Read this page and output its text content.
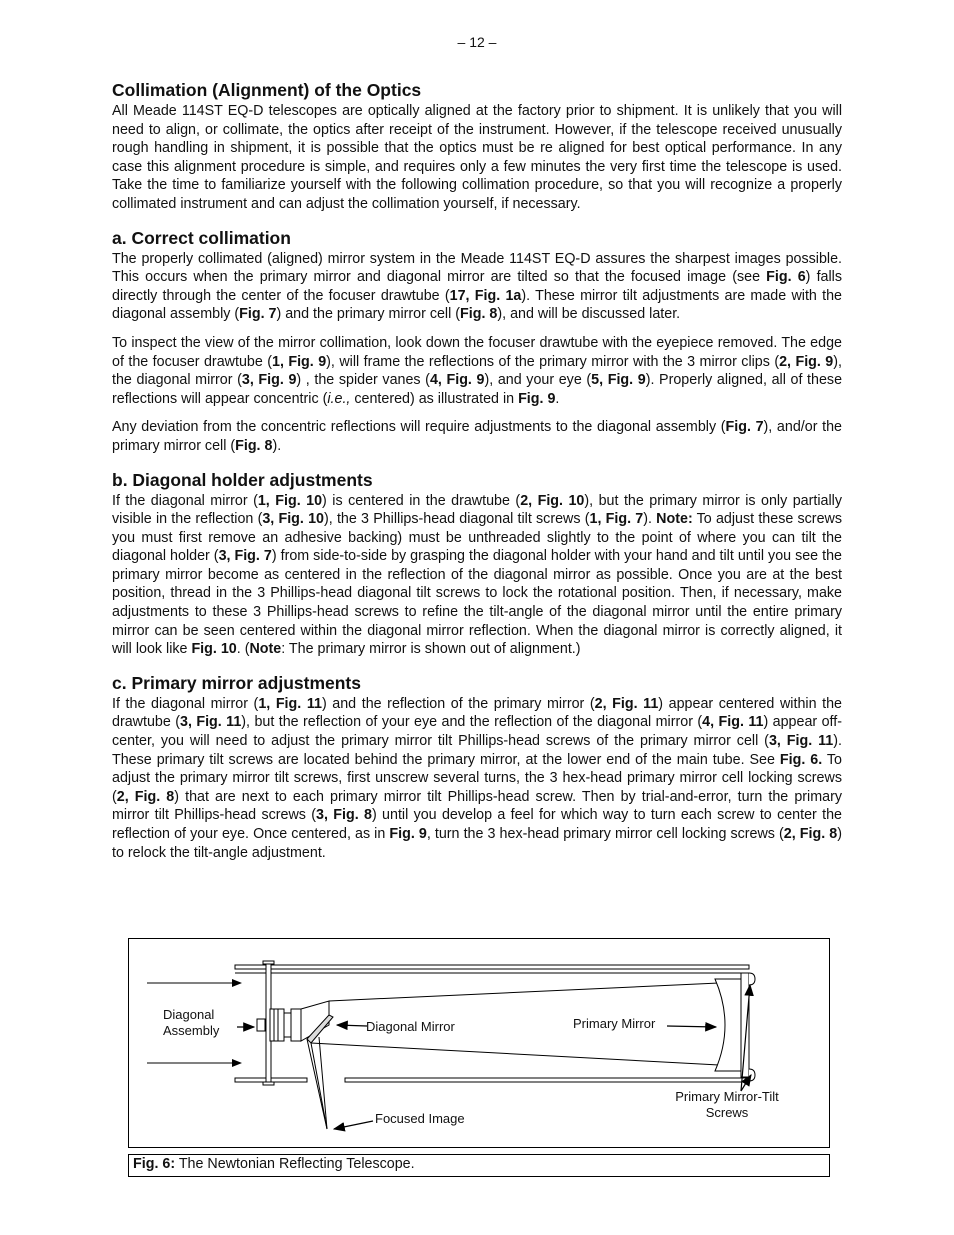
– 12 –
Collimation (Alignment) of the Optics

All Meade 114ST EQ-D telescopes are optically aligned at the factory prior to shipment. It is unlikely that you will need to align, or collimate, the optics after receipt of the instrument. However, if the telescope received unusually rough handling in shipment, it is possible that the optics must be re aligned for best optical performance. In any case this alignment procedure is simple, and requires only a few minutes the very first time the telescope is used. Take the time to familiarize yourself with the following collimation procedure, so that you will recognize a properly collimated instrument and can adjust the collimation yourself, if necessary.

a. Correct collimation

The properly collimated (aligned) mirror system in the Meade 114ST EQ-D assures the sharpest images possible. This occurs when the primary mirror and diagonal mirror are tilted so that the focused image (see Fig. 6) falls directly through the center of the focuser drawtube (17, Fig. 1a). These mirror tilt adjustments are made with the diagonal assembly (Fig. 7) and the primary mirror cell (Fig. 8), and will be discussed later.

To inspect the view of the mirror collimation, look down the focuser drawtube with the eyepiece removed. The edge of the focuser drawtube (1, Fig. 9), will frame the reflections of the primary mirror with the 3 mirror clips (2, Fig. 9), the diagonal mirror (3, Fig. 9) , the spider vanes (4, Fig. 9), and your eye (5, Fig. 9). Properly aligned, all of these reflections will appear concentric (i.e., centered) as illustrated in Fig. 9.

Any deviation from the concentric reflections will require adjustments to the diagonal assembly (Fig. 7), and/or the primary mirror cell (Fig. 8).

b. Diagonal holder adjustments

If the diagonal mirror (1, Fig. 10) is centered in the drawtube (2, Fig. 10), but the primary mirror is only partially visible in the reflection (3, Fig. 10), the 3 Phillips-head diagonal tilt screws (1, Fig. 7). Note: To adjust these screws you must first remove an adhesive backing) must be unthreaded slightly to the point of where you can tilt the diagonal holder (3, Fig. 7) from side-to-side by grasping the diagonal holder with your hand and tilt until you see the primary mirror become as centered in the reflection of the diagonal mirror as possible. Once you are at the best position, thread in the 3 Phillips-head diagonal tilt screws to lock the rotational position. Then, if necessary, make adjustments to these 3 Phillips-head screws to refine the tilt-angle of the diagonal mirror until the entire primary mirror can be seen centered within the diagonal mirror reflection. When the diagonal mirror is correctly aligned, it will look like Fig. 10. (Note: The primary mirror is shown out of alignment.)

c. Primary mirror adjustments

If the diagonal mirror (1, Fig. 11) and the reflection of the primary mirror (2, Fig. 11) appear centered within the drawtube (3, Fig. 11), but the reflection of your eye and the reflection of the diagonal mirror (4, Fig. 11) appear off-center, you will need to adjust the primary mirror tilt Phillips-head screws of the primary mirror cell (3, Fig. 11). These primary tilt screws are located behind the primary mirror, at the lower end of the main tube. See Fig. 6. To adjust the primary mirror tilt screws, first unscrew several turns, the 3 hex-head primary mirror cell locking screws (2, Fig. 8) that are next to each primary mirror tilt Phillips-head screw. Then by trial-and-error, turn the primary mirror tilt Phillips-head screws (3, Fig. 8) until you develop a feel for which way to turn each screw to center the reflection of your eye. Once centered, as in Fig. 9, turn the 3 hex-head primary mirror cell locking screws (2, Fig. 8) to relock the tilt-angle adjustment.

Diagonal
Assembly	Diagonal Mirror	Primary Mirror
Focused Image
Primary Mirror-Tilt
Screws
Fig. 6: The Newtonian Reflecting Telescope.
